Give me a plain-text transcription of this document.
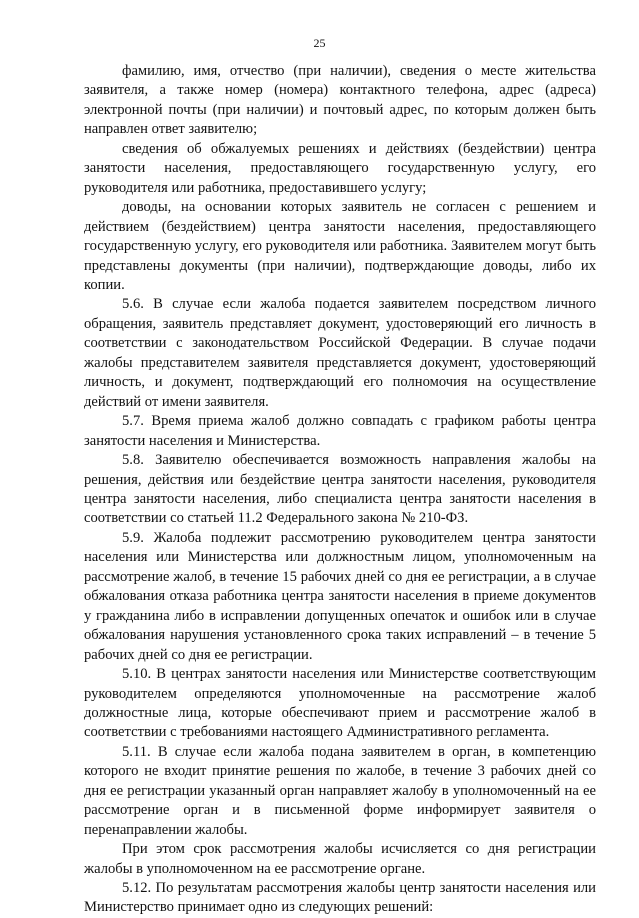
25

фамилию, имя, отчество (при наличии), сведения о месте жительства заявителя, а также номер (номера) контактного телефона, адрес (адреса) электронной почты (при наличии) и почтовый адрес, по которым должен быть направлен ответ заявителю;

сведения об обжалуемых решениях и действиях (бездействии) центра занятости населения, предоставляющего государственную услугу, его руководителя или работника, предоставившего услугу;

доводы, на основании которых заявитель не согласен с решением и действием (бездействием) центра занятости населения, предоставляющего государственную услугу, его руководителя или работника. Заявителем могут быть представлены документы (при наличии), подтверждающие доводы, либо их копии.

5.6. В случае если жалоба подается заявителем посредством личного обращения, заявитель представляет документ, удостоверяющий его личность в соответствии с законодательством Российской Федерации. В случае подачи жалобы представителем заявителя представляется документ, удостоверяющий личность, и документ, подтверждающий его полномочия на осуществление действий от имени заявителя.

5.7. Время приема жалоб должно совпадать с графиком работы центра занятости населения и Министерства.

5.8. Заявителю обеспечивается возможность направления жалобы на решения, действия или бездействие центра занятости населения, руководителя центра занятости населения, либо специалиста центра занятости населения в соответствии со статьей 11.2 Федерального закона № 210-ФЗ.

5.9. Жалоба подлежит рассмотрению руководителем центра занятости населения или Министерства или должностным лицом, уполномоченным на рассмотрение жалоб, в течение 15 рабочих дней со дня ее регистрации, а в случае обжалования отказа работника центра занятости населения в приеме документов у гражданина либо в исправлении допущенных опечаток и ошибок или в случае обжалования нарушения установленного срока таких исправлений – в течение 5 рабочих дней со дня ее регистрации.

5.10. В центрах занятости населения или Министерстве соответствующим руководителем определяются уполномоченные на рассмотрение жалоб должностные лица, которые обеспечивают прием и рассмотрение жалоб в соответствии с требованиями настоящего Административного регламента.

5.11. В случае если жалоба подана заявителем в орган, в компетенцию которого не входит принятие решения по жалобе, в течение 3 рабочих дней со дня ее регистрации указанный орган направляет жалобу в уполномоченный на ее рассмотрение орган и в письменной форме информирует заявителя о перенаправлении жалобы.

При этом срок рассмотрения жалобы исчисляется со дня регистрации жалобы в уполномоченном на ее рассмотрение органе.

5.12. По результатам рассмотрения жалобы центр занятости населения или Министерство принимает одно из следующих решений:
